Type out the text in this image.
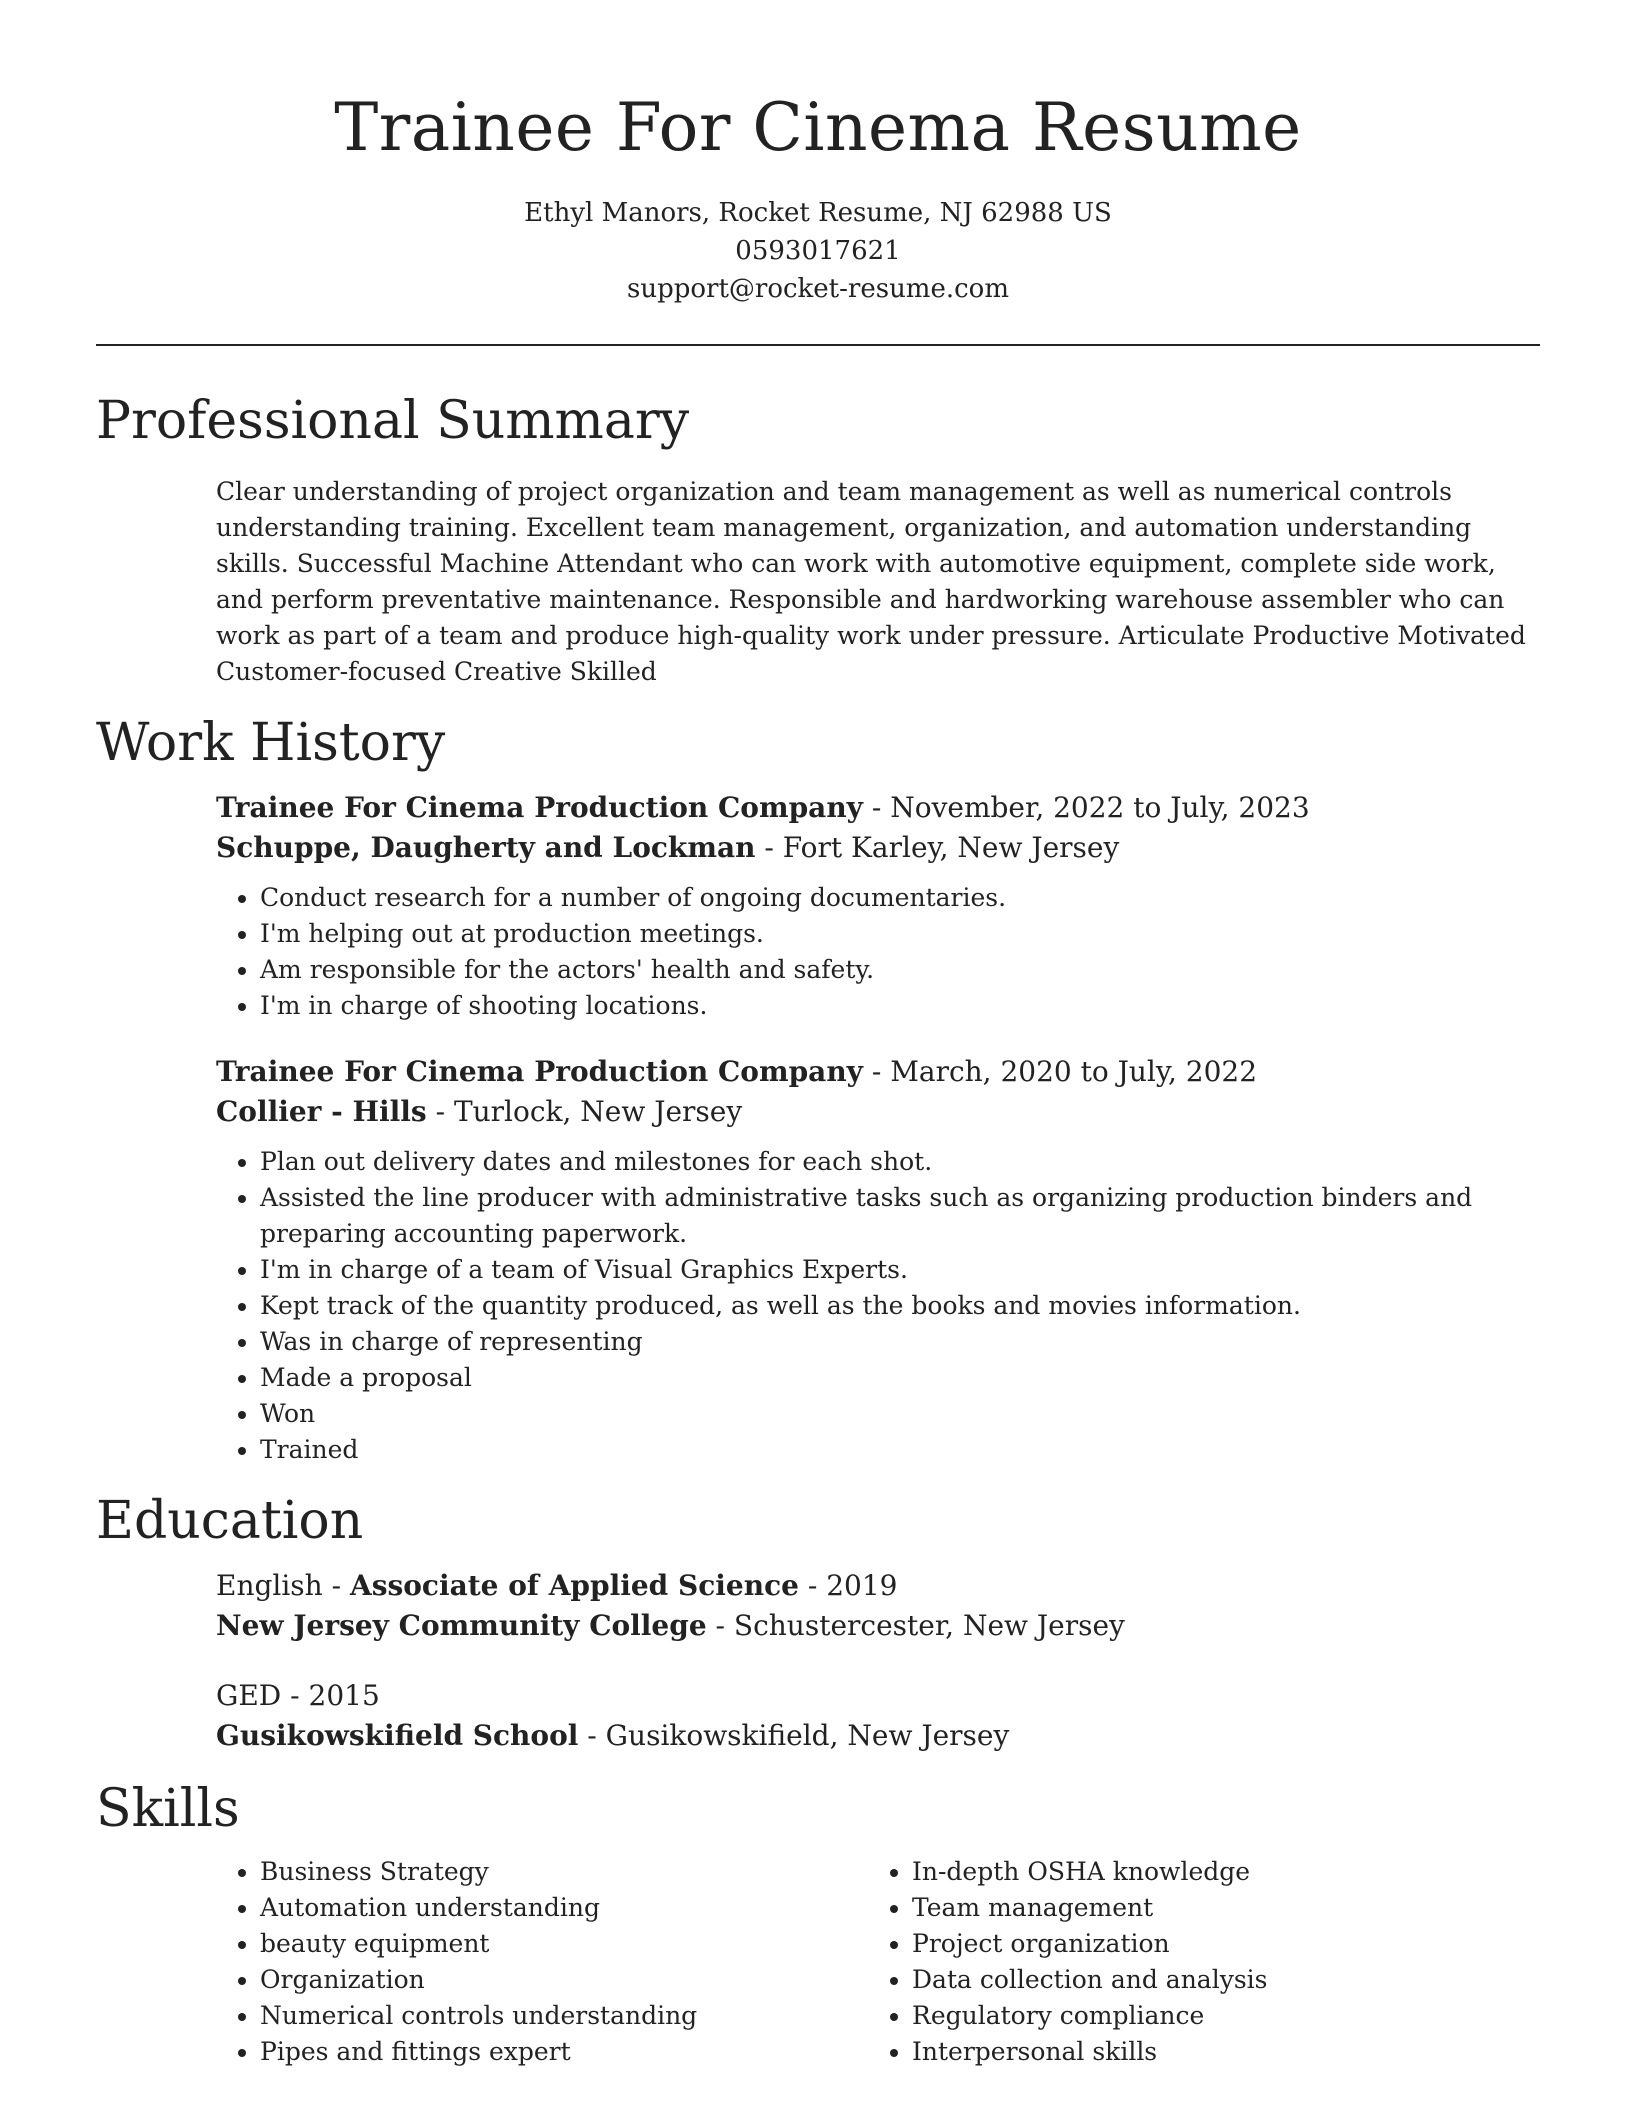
Trainee For Cinema Resume
Ethyl Manors, Rocket Resume, NJ 62988 US
0593017621
support@rocket-resume.com
Professional Summary

Clear understanding of project organization and team management as well as numerical controls understanding training. Excellent team management, organization, and automation understanding skills. Successful Machine Attendant who can work with automotive equipment, complete side work, and perform preventative maintenance. Responsible and hardworking warehouse assembler who can work as part of a team and produce high-quality work under pressure. Articulate Productive Motivated Customer-focused Creative Skilled

Work History

Trainee For Cinema Production Company - November, 2022 to July, 2023

Schuppe, Daugherty and Lockman - Fort Karley, New Jersey

• Conduct research for a number of ongoing documentaries.
• I'm helping out at production meetings.
• Am responsible for the actors' health and safety.
• I'm in charge of shooting locations.

Trainee For Cinema Production Company - March, 2020 to July, 2022

Collier - Hills - Turlock, New Jersey

• Plan out delivery dates and milestones for each shot.
• Assisted the line producer with administrative tasks such as organizing production binders and preparing accounting paperwork.
• I'm in charge of a team of Visual Graphics Experts.
• Kept track of the quantity produced, as well as the books and movies information.
• Was in charge of representing
• Made a proposal
• Won
• Trained
Education

English - Associate of Applied Science - 2019

New Jersey Community College - Schustercester, New Jersey

GED - 2015

Gusikowskifield School - Gusikowskifield, New Jersey

Skills
• Business Strategy
• Automation understanding
• beauty equipment
• Organization
• Numerical controls understanding
• Pipes and fittings expert
• In-depth OSHA knowledge
• Team management
• Project organization
• Data collection and analysis
• Regulatory compliance
• Interpersonal skills
